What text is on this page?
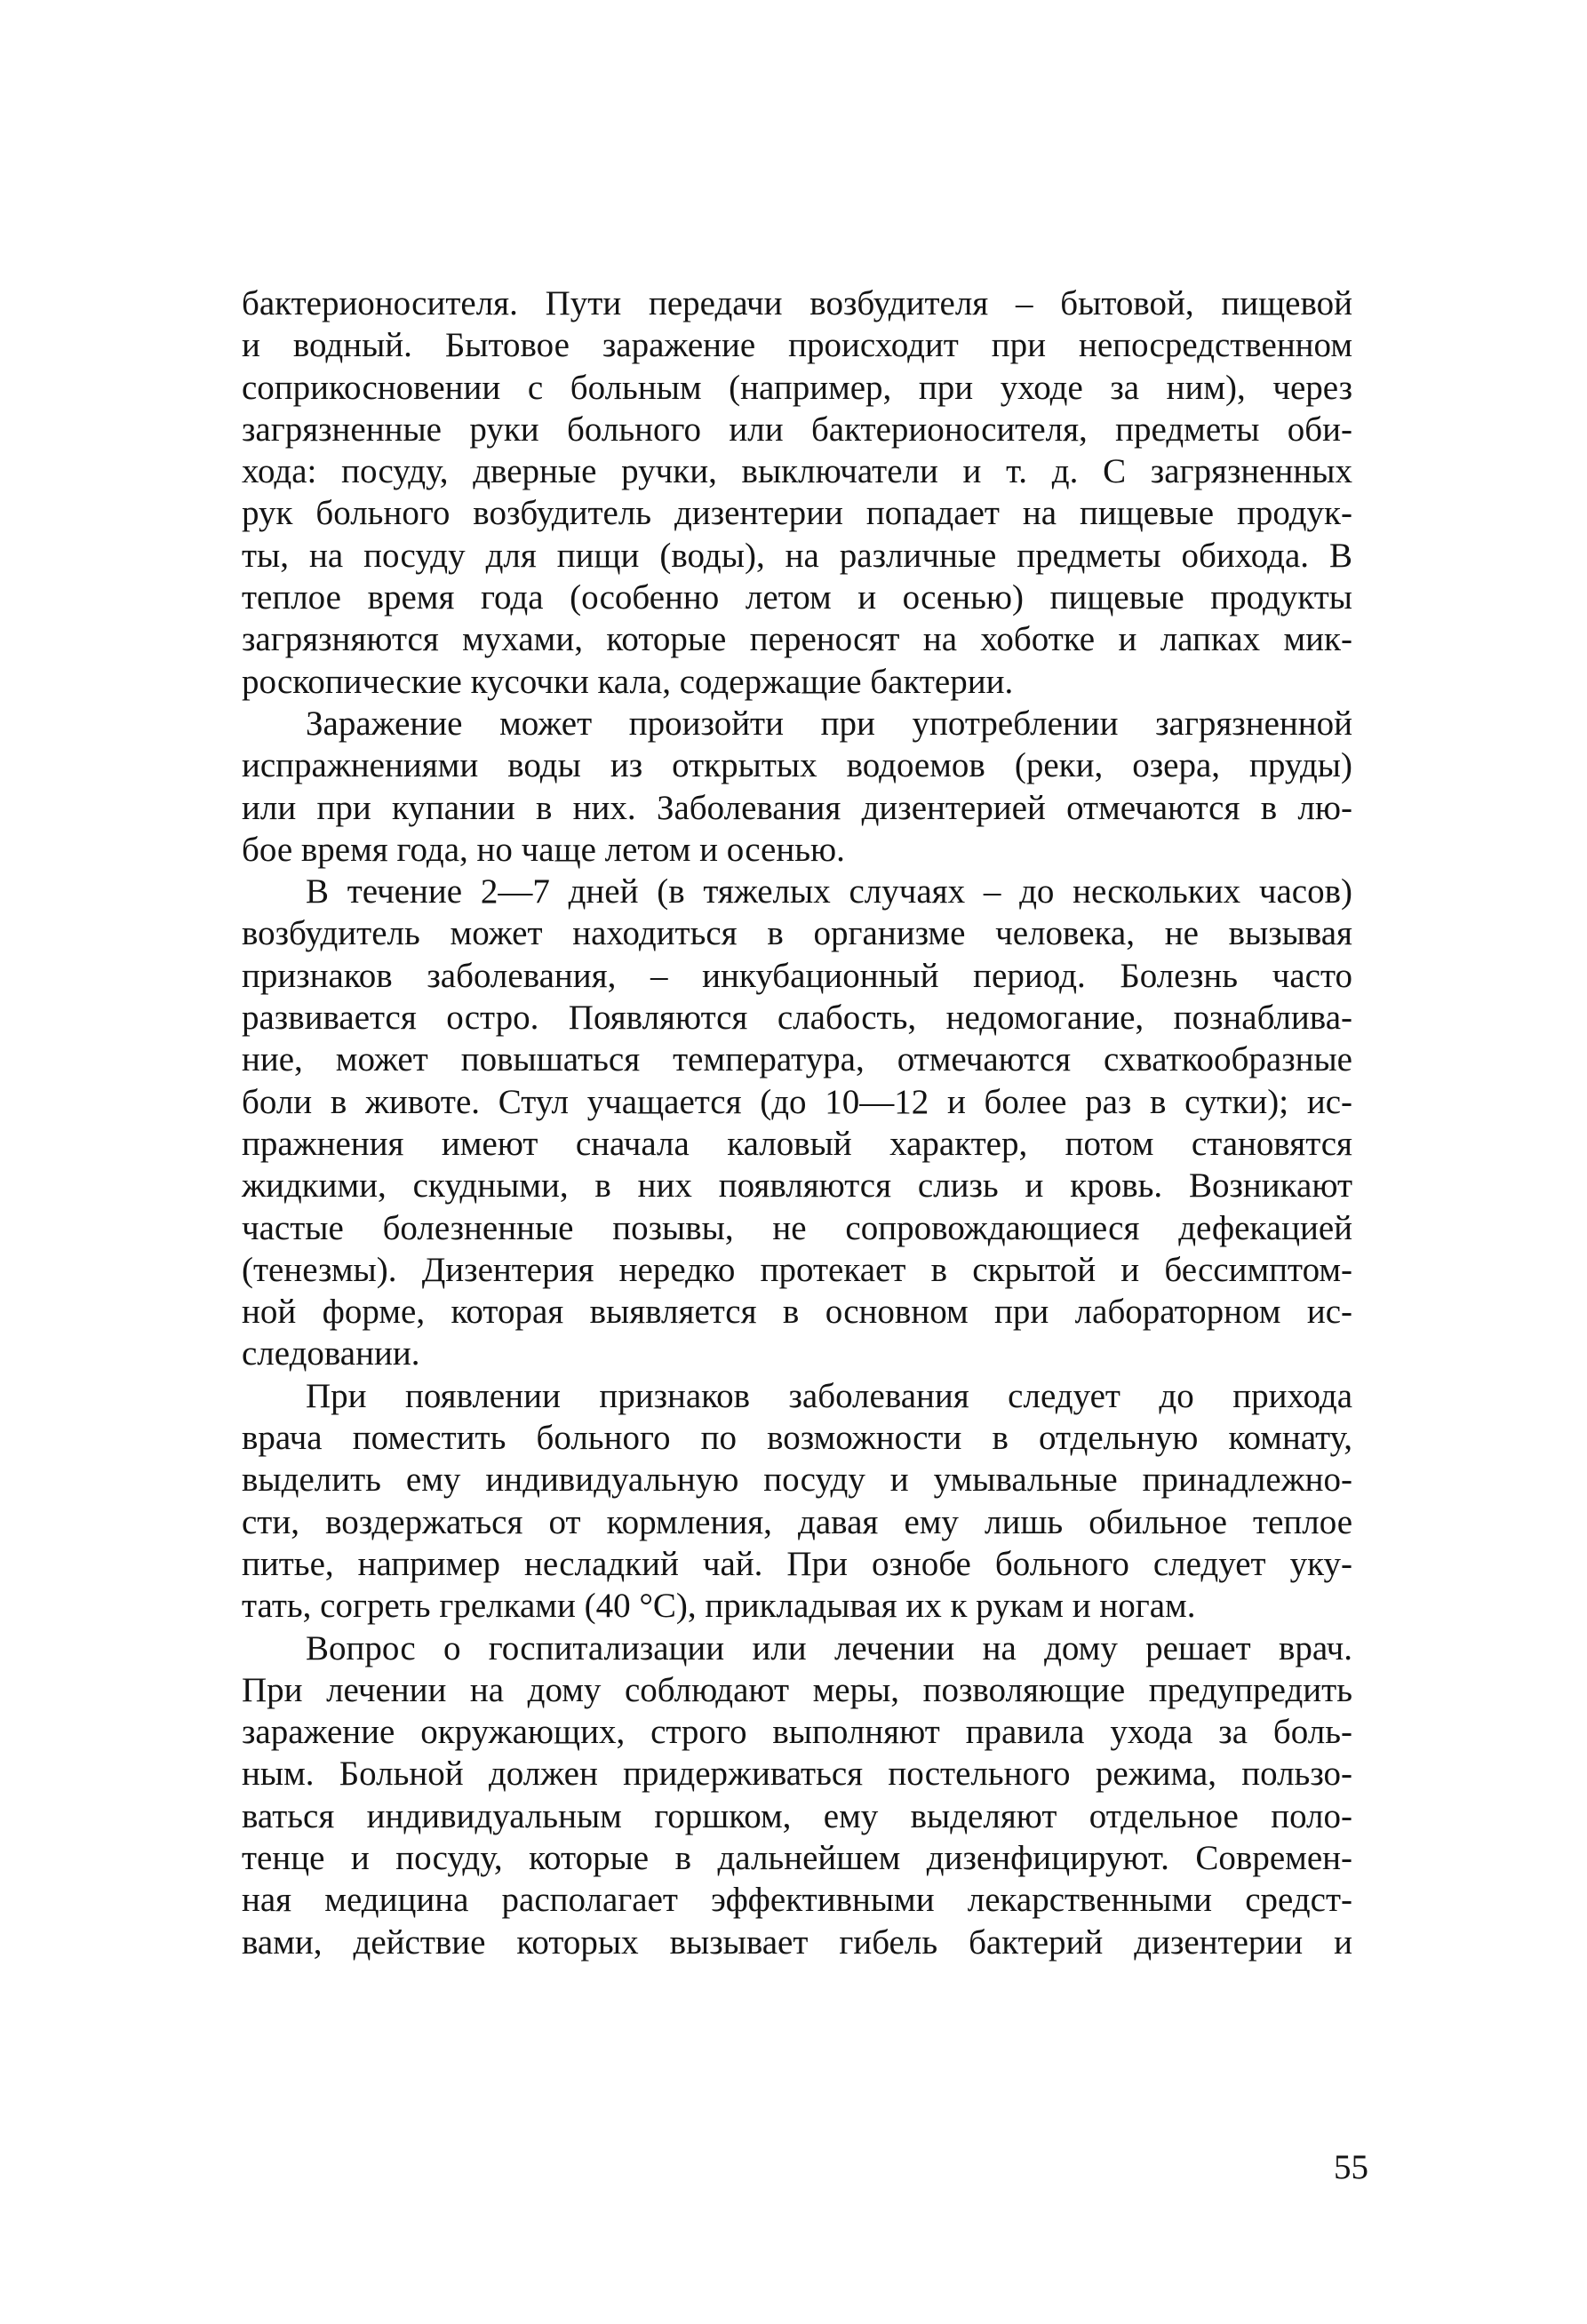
бактерионосителя. Пути передачи возбудителя – бытовой, пищевой
и водный. Бытовое заражение происходит при непосредственном
соприкосновении с больным (например, при уходе за ним), через
загрязненные руки больного или бактерионосителя, предметы оби-
хода: посуду, дверные ручки, выключатели и т. д. С загрязненных
рук больного возбудитель дизентерии попадает на пищевые продук-
ты, на посуду для пищи (воды), на различные предметы обихода. В
теплое время года (особенно летом и осенью) пищевые продукты
загрязняются мухами, которые переносят на хоботке и лапках мик-
роскопические кусочки кала, содержащие бактерии.
Заражение может произойти при употреблении загрязненной
испражнениями воды из открытых водоемов (реки, озера, пруды)
или при купании в них. Заболевания дизентерией отмечаются в лю-
бое время года, но чаще летом и осенью.
В течение 2—7 дней (в тяжелых случаях – до нескольких часов)
возбудитель может находиться в организме человека, не вызывая
признаков заболевания, – инкубационный период. Болезнь часто
развивается остро. Появляются слабость, недомогание, познаблива-
ние, может повышаться температура, отмечаются схваткообразные
боли в животе. Стул учащается (до 10—12 и более раз в сутки); ис-
пражнения имеют сначала каловый характер, потом становятся
жидкими, скудными, в них появляются слизь и кровь. Возникают
частые болезненные позывы, не сопровождающиеся дефекацией
(тенезмы). Дизентерия нередко протекает в скрытой и бессимптом-
ной форме, которая выявляется в основном при лабораторном ис-
следовании.
При появлении признаков заболевания следует до прихода
врача поместить больного по возможности в отдельную комнату,
выделить ему индивидуальную посуду и умывальные принадлежно-
сти, воздержаться от кормления, давая ему лишь обильное теплое
питье, например несладкий чай. При ознобе больного следует уку-
тать, согреть грелками (40 °С), прикладывая их к рукам и ногам.
Вопрос о госпитализации или лечении на дому решает врач.
При лечении на дому соблюдают меры, позволяющие предупредить
заражение окружающих, строго выполняют правила ухода за боль-
ным. Больной должен придерживаться постельного режима, пользо-
ваться индивидуальным горшком, ему выделяют отдельное поло-
тенце и посуду, которые в дальнейшем дизенфицируют. Современ-
ная медицина располагает эффективными лекарственными средст-
вами, действие которых вызывает гибель бактерий дизентерии и
55
